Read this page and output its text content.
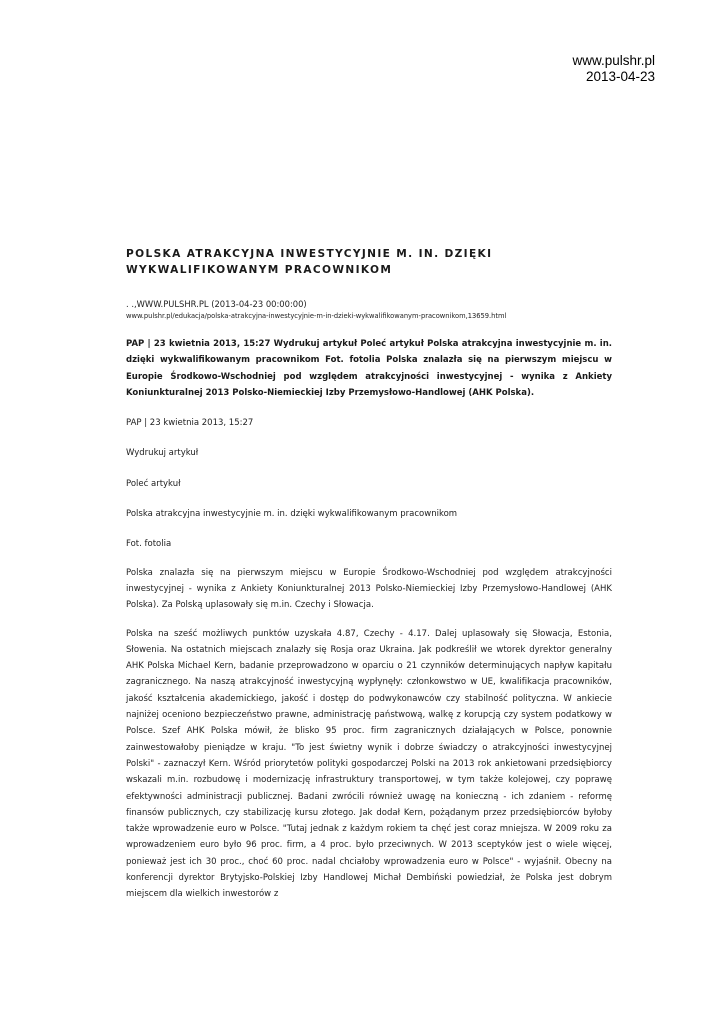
www.pulshr.pl
2013-04-23
POLSKA ATRAKCYJNA INWESTYCYJNIE M. IN. DZIĘKI WYKWALIFIKOWANYM PRACOWNIKOM
. .,WWW.PULSHR.PL (2013-04-23 00:00:00)
www.pulshr.pl/edukacja/polska-atrakcyjna-inwestycyjnie-m-in-dzieki-wykwalifikowanym-pracownikom,13659.html
PAP | 23 kwietnia 2013, 15:27 Wydrukuj artykuł Poleć artykuł Polska atrakcyjna inwestycyjnie m. in. dzięki wykwalifikowanym pracownikom Fot. fotolia Polska znalazła się na pierwszym miejscu w Europie Środkowo-Wschodniej pod względem atrakcyjności inwestycyjnej - wynika z Ankiety Koniunkturalnej 2013 Polsko-Niemieckiej Izby Przemysłowo-Handlowej (AHK Polska).
PAP | 23 kwietnia 2013, 15:27
Wydrukuj artykuł
Poleć artykuł
Polska atrakcyjna inwestycyjnie m. in. dzięki wykwalifikowanym pracownikom
Fot. fotolia
Polska znalazła się na pierwszym miejscu w Europie Środkowo-Wschodniej pod względem atrakcyjności inwestycyjnej - wynika z Ankiety Koniunkturalnej 2013 Polsko-Niemieckiej Izby Przemysłowo-Handlowej (AHK Polska). Za Polską uplasowały się m.in. Czechy i Słowacja.
Polska na sześć możliwych punktów uzyskała 4.87, Czechy - 4.17. Dalej uplasowały się Słowacja, Estonia, Słowenia. Na ostatnich miejscach znalazły się Rosja oraz Ukraina. Jak podkreślił we wtorek dyrektor generalny AHK Polska Michael Kern, badanie przeprowadzono w oparciu o 21 czynników determinujących napływ kapitału zagranicznego. Na naszą atrakcyjność inwestycyjną wypłynęły: członkowstwo w UE, kwalifikacja pracowników, jakość kształcenia akademickiego, jakość i dostęp do podwykonawców czy stabilność polityczna. W ankiecie najniżej oceniono bezpieczeństwo prawne, administrację państwową, walkę z korupcją czy system podatkowy w Polsce. Szef AHK Polska mówił, że blisko 95 proc. firm zagranicznych działających w Polsce, ponownie zainwestowałoby pieniądze w kraju. "To jest świetny wynik i dobrze świadczy o atrakcyjności inwestycyjnej Polski" - zaznaczył Kern. Wśród priorytetów polityki gospodarczej Polski na 2013 rok ankietowani przedsiębiorcy wskazali m.in. rozbudowę i modernizację infrastruktury transportowej, w tym także kolejowej, czy poprawę efektywności administracji publicznej. Badani zwrócili również uwagę na konieczną - ich zdaniem - reformę finansów publicznych, czy stabilizację kursu złotego. Jak dodał Kern, pożądanym przez przedsiębiorców byłoby także wprowadzenie euro w Polsce. "Tutaj jednak z każdym rokiem ta chęć jest coraz mniejsza. W 2009 roku za wprowadzeniem euro było 96 proc. firm, a 4 proc. było przeciwnych. W 2013 sceptyków jest o wiele więcej, ponieważ jest ich 30 proc., choć 60 proc. nadal chciałoby wprowadzenia euro w Polsce" - wyjaśnił. Obecny na konferencji dyrektor Brytyjsko-Polskiej Izby Handlowej Michał Dembiński powiedział, że Polska jest dobrym miejscem dla wielkich inwestorów z
